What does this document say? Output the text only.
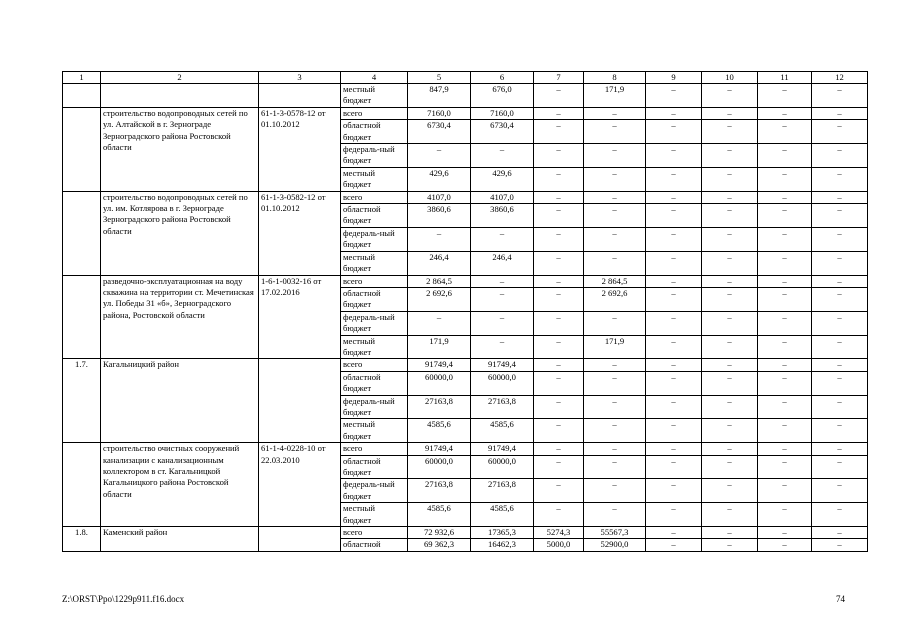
1	2	3	4	5	6	7	8	9	10	11	12
			местный бюджет	847,9	676,0	–	171,9	–	–	–	–
	строительство водопроводных сетей по ул. Алтайской в г. Зернограде Зерноградского района Ростовской области	61-1-3-0578-12 от 01.10.2012	всего	7160,0	7160,0	–	–	–	–	–	–
			областной бюджет	6730,4	6730,4	–	–	–	–	–	–
			федераль-ный бюджет	–	–	–	–	–	–	–	–
			местный бюджет	429,6	429,6	–	–	–	–	–	–
	строительство водопроводных сетей по ул. им. Котлярова в г. Зернограде Зерноградского района Ростовской области	61-1-3-0582-12 от 01.10.2012	всего	4107,0	4107,0	–	–	–	–	–	–
			областной бюджет	3860,6	3860,6	–	–	–	–	–	–
			федераль-ный бюджет	–	–	–	–	–	–	–	–
			местный бюджет	246,4	246,4	–	–	–	–	–	–
	разведочно-эксплуатационная на воду скважина на территории ст. Мечетинская ул. Победы 31 «б», Зерноградского района, Ростовской области	1-6-1-0032-16 от 17.02.2016	всего	2 864,5	–	–	2 864,5	–	–	–	–
			областной бюджет	2 692,6	–	–	2 692,6	–	–	–	–
			федераль-ный бюджет	–	–	–	–	–	–	–	–
			местный бюджет	171,9	–	–	171,9	–	–	–	–
1.7.	Кагальницкий район		всего	91749,4	91749,4	–	–	–	–	–	–
			областной бюджет	60000,0	60000,0	–	–	–	–	–	–
			федераль-ный бюджет	27163,8	27163,8	–	–	–	–	–	–
			местный бюджет	4585,6	4585,6	–	–	–	–	–	–
	строительство очистных сооружений канализации с канализационным коллектором в ст. Кагальницкой Кагальницкого района Ростовской области	61-1-4-0228-10 от 22.03.2010	всего	91749,4	91749,4	–	–	–	–	–	–
			областной бюджет	60000,0	60000,0	–	–	–	–	–	–
			федераль-ный бюджет	27163,8	27163,8	–	–	–	–	–	–
			местный бюджет	4585,6	4585,6	–	–	–	–	–	–
1.8.	Каменский район		всего	72 932,6	17365,3	5274,3	55567,3	–	–	–	–
			областной	69 362,3	16462,3	5000,0	52900,0	–	–	–	–
Z:\ORST\Ppo\1229p911.f16.docx	74
